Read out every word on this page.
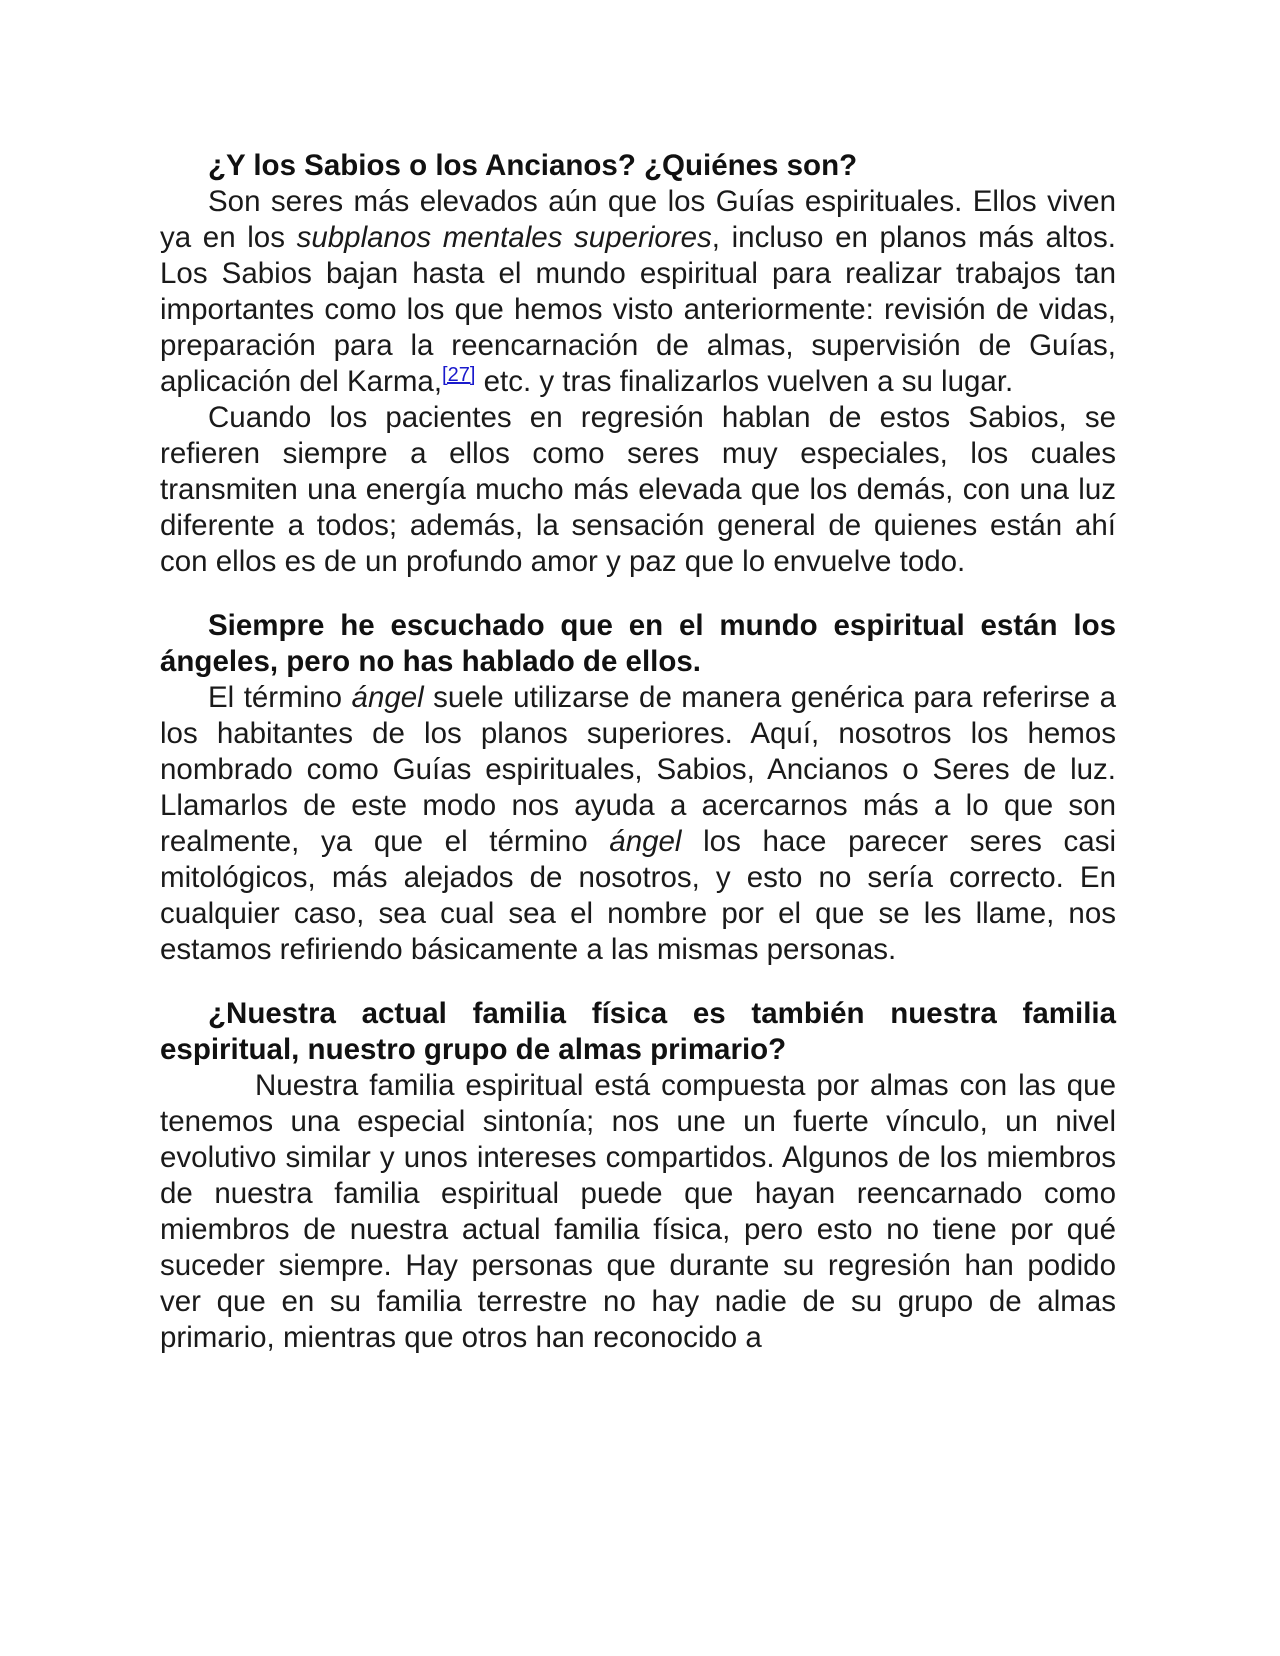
¿Y los Sabios o los Ancianos? ¿Quiénes son?

Son seres más elevados aún que los Guías espirituales. Ellos viven ya en los subplanos mentales superiores, incluso en planos más altos. Los Sabios bajan hasta el mundo espiritual para realizar trabajos tan importantes como los que hemos visto anteriormente: revisión de vidas, preparación para la reencarnación de almas, supervisión de Guías, aplicación del Karma,[27] etc. y tras finalizarlos vuelven a su lugar.

Cuando los pacientes en regresión hablan de estos Sabios, se refieren siempre a ellos como seres muy especiales, los cuales transmiten una energía mucho más elevada que los demás, con una luz diferente a todos; además, la sensación general de quienes están ahí con ellos es de un profundo amor y paz que lo envuelve todo.

Siempre he escuchado que en el mundo espiritual están los ángeles, pero no has hablado de ellos.

El término ángel suele utilizarse de manera genérica para referirse a los habitantes de los planos superiores. Aquí, nosotros los hemos nombrado como Guías espirituales, Sabios, Ancianos o Seres de luz. Llamarlos de este modo nos ayuda a acercarnos más a lo que son realmente, ya que el término ángel los hace parecer seres casi mitológicos, más alejados de nosotros, y esto no sería correcto. En cualquier caso, sea cual sea el nombre por el que se les llame, nos estamos refiriendo básicamente a las mismas personas.

¿Nuestra actual familia física es también nuestra familia espiritual, nuestro grupo de almas primario?

Nuestra familia espiritual está compuesta por almas con las que tenemos una especial sintonía; nos une un fuerte vínculo, un nivel evolutivo similar y unos intereses compartidos. Algunos de los miembros de nuestra familia espiritual puede que hayan reencarnado como miembros de nuestra actual familia física, pero esto no tiene por qué suceder siempre. Hay personas que durante su regresión han podido ver que en su familia terrestre no hay nadie de su grupo de almas primario, mientras que otros han reconocido a
